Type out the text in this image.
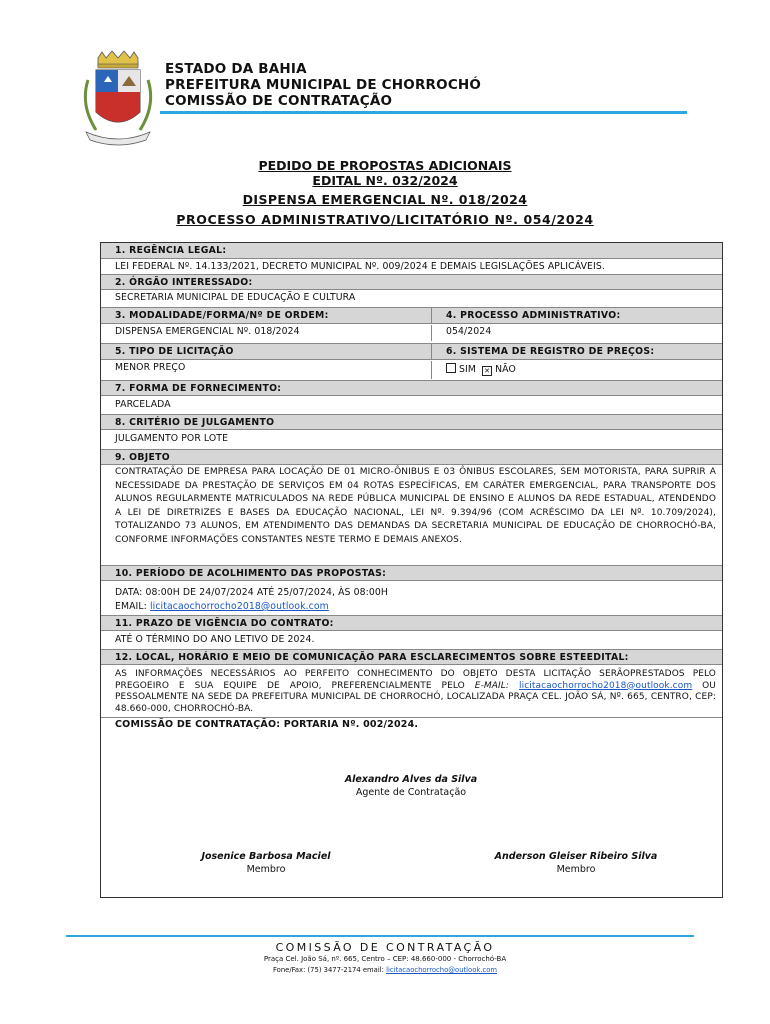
ESTADO DA BAHIA
PREFEITURA MUNICIPAL DE CHORROCHÓ
COMISSÃO DE CONTRATAÇÃO
PEDIDO DE PROPOSTAS ADICIONAIS
EDITAL Nº. 032/2024
DISPENSA EMERGENCIAL Nº. 018/2024
PROCESSO ADMINISTRATIVO/LICITATÓRIO Nº. 054/2024
1. REGÊNCIA LEGAL:
LEI FEDERAL Nº. 14.133/2021, DECRETO MUNICIPAL Nº. 009/2024 E DEMAIS LEGISLAÇÕES APLICÁVEIS.
2. ÓRGÃO INTERESSADO:
SECRETARIA MUNICIPAL DE EDUCAÇÃO E CULTURA
3. MODALIDADE/FORMA/Nº DE ORDEM:	4. PROCESSO ADMINISTRATIVO:
DISPENSA EMERGENCIAL Nº. 018/2024	054/2024
5. TIPO DE LICITAÇÃO	6. SISTEMA DE REGISTRO DE PREÇOS:
MENOR PREÇO	SIM ✕ NÃO
7. FORMA DE FORNECIMENTO:
PARCELADA
8. CRITÉRIO DE JULGAMENTO
JULGAMENTO POR LOTE
9. OBJETO
CONTRATAÇÃO DE EMPRESA PARA LOCAÇÃO DE 01 MICRO-ÔNIBUS E 03 ÔNIBUS ESCOLARES, SEM MOTORISTA, PARA SUPRIR A NECESSIDADE DA PRESTAÇÃO DE SERVIÇOS EM 04 ROTAS ESPECÍFICAS, EM CARÁTER EMERGENCIAL, PARA TRANSPORTE DOS ALUNOS REGULARMENTE MATRICULADOS NA REDE PÚBLICA MUNICIPAL DE ENSINO E ALUNOS DA REDE ESTADUAL, ATENDENDO A LEI DE DIRETRIZES E BASES DA EDUCAÇÃO NACIONAL, LEI Nº. 9.394/96 (COM ACRÉSCIMO DA LEI Nº. 10.709/2024), TOTALIZANDO 73 ALUNOS, EM ATENDIMENTO DAS DEMANDAS DA SECRETARIA MUNICIPAL DE EDUCAÇÃO DE CHORROCHÓ-BA, CONFORME INFORMAÇÕES CONSTANTES NESTE TERMO E DEMAIS ANEXOS.
10. PERÍODO DE ACOLHIMENTO DAS PROPOSTAS:
DATA: 08:00H DE 24/07/2024 ATÉ 25/07/2024, ÀS 08:00H
EMAIL: licitacaochorrocho2018@outlook.com
11. PRAZO DE VIGÊNCIA DO CONTRATO:
ATÉ O TÉRMINO DO ANO LETIVO DE 2024.
12. LOCAL, HORÁRIO E MEIO DE COMUNICAÇÃO PARA ESCLARECIMENTOS SOBRE ESTEEDITAL:
AS INFORMAÇÕES NECESSÁRIOS AO PERFEITO CONHECIMENTO DO OBJETO DESTA LICITAÇÃO SERÃOPRESTADOS PELO PREGOEIRO E SUA EQUIPE DE APOIO, PREFERENCIALMENTE PELO E-MAIL: licitacaochorrocho2018@outlook.com OU PESSOALMENTE NA SEDE DA PREFEITURA MUNICIPAL DE CHORROCHÓ, LOCALIZADA PRAÇA CEL. JOÃO SÁ, Nº. 665, CENTRO, CEP: 48.660-000, CHORROCHÓ-BA.
COMISSÃO DE CONTRATAÇÃO: PORTARIA Nº. 002/2024.
Alexandro Alves da Silva
Agente de Contratação
Josenice Barbosa Maciel
Membro
Anderson Gleiser Ribeiro Silva
Membro
COMISSÃO DE CONTRATAÇÃO
Praça Cel. João Sá, nº. 665, Centro – CEP: 48.660-000 - Chorrochó-BA
Fone/Fax: (75) 3477-2174 email: licitacaochorrocho@outlook.com
